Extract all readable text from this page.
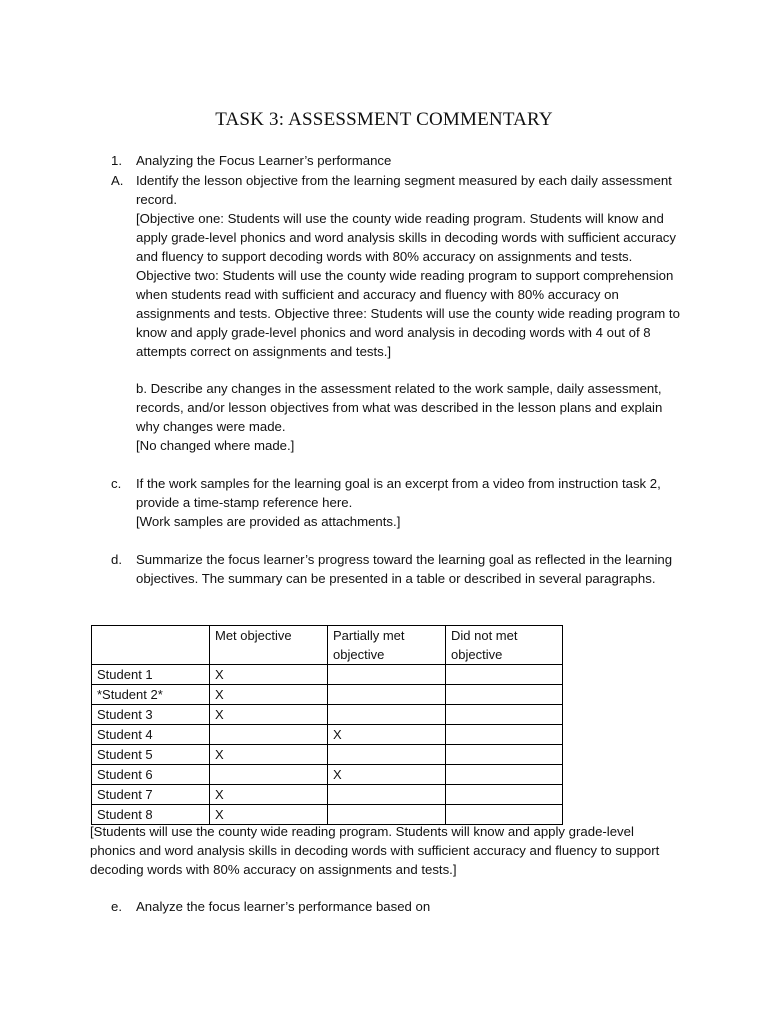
TASK 3: ASSESSMENT COMMENTARY
1. Analyzing the Focus Learner’s performance
A. Identify the lesson objective from the learning segment measured by each daily assessment record.

[Objective one: Students will use the county wide reading program. Students will know and apply grade-level phonics and word analysis skills in decoding words with sufficient accuracy and fluency to support decoding words with 80% accuracy on assignments and tests. Objective two: Students will use the county wide reading program to support comprehension when students read with sufficient and accuracy and fluency with 80% accuracy on assignments and tests. Objective three: Students will use the county wide reading program to know and apply grade-level phonics and word analysis in decoding words with 4 out of 8 attempts correct on assignments and tests.]

b. Describe any changes in the assessment related to the work sample, daily assessment, records, and/or lesson objectives from what was described in the lesson plans and explain why changes were made.

[No changed where made.]

c. If the work samples for the learning goal is an excerpt from a video from instruction task 2, provide a time-stamp reference here.

[Work samples are provided as attachments.]

d. Summarize the focus learner’s progress toward the learning goal as reflected in the learning objectives. The summary can be presented in a table or described in several paragraphs.
	Met objective	Partially met objective	Did not met objective
Student 1	X		
*Student 2*	X		
Student 3	X		
Student 4		X	
Student 5	X		
Student 6		X	
Student 7	X		
Student 8	X		
[Students will use the county wide reading program. Students will know and apply grade-level phonics and word analysis skills in decoding words with sufficient accuracy and fluency to support decoding words with 80% accuracy on assignments and tests.]
e. Analyze the focus learner’s performance based on
